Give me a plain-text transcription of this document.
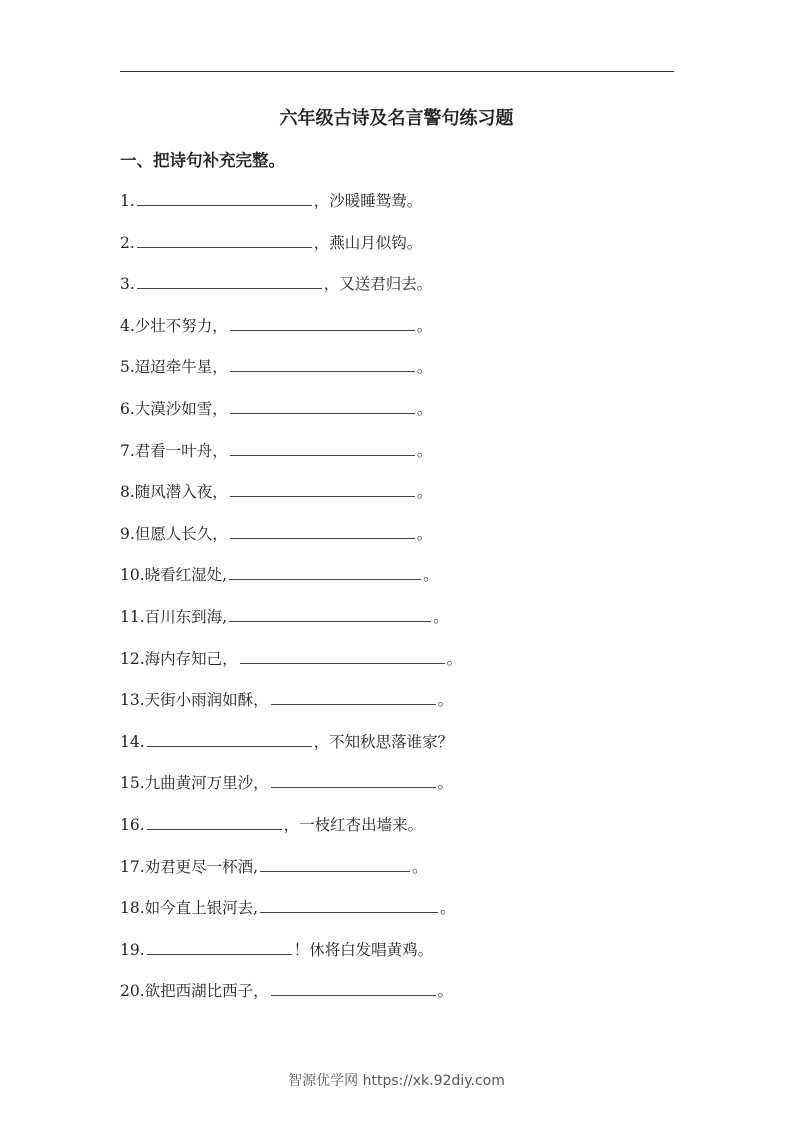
六年级古诗及名言警句练习题
一、把诗句补充完整。
1.	，沙暖睡鸳鸯。
2.	，燕山月似钩。
3.	，又送君归去。
4.少壮不努力，	。
5.迢迢牵牛星，	。
6.大漠沙如雪，	。
7.君看一叶舟，	。
8.随风潜入夜，	。
9.但愿人长久，	。
10.晓看红湿处,	。
11.百川东到海,	。
12.海内存知己，	。
13.天街小雨润如酥，	。
14.	，不知秋思落谁家？
15.九曲黄河万里沙，	。
16.	，一枝红杏出墙来。
17.劝君更尽一杯酒,	。
18.如今直上银河去,	。
19.	！休将白发唱黄鸡。
20.欲把西湖比西子，	。
智源优学网 https://xk.92diy.com
